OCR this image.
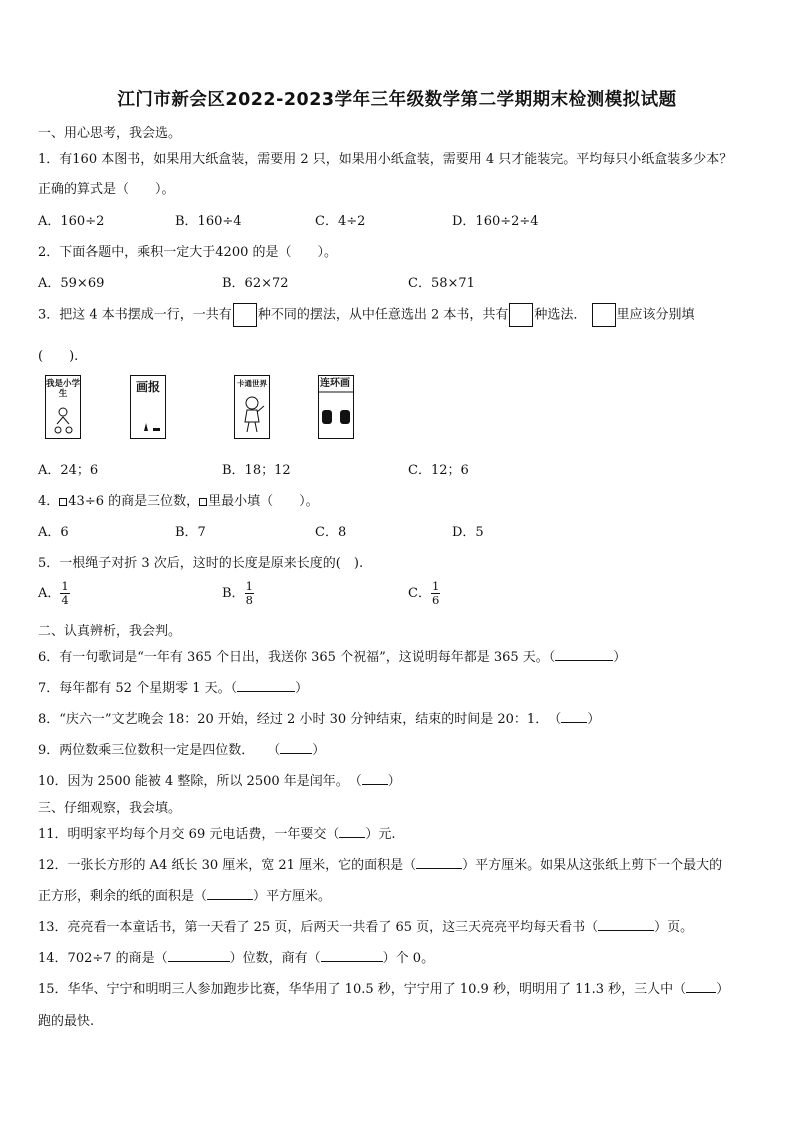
江门市新会区2022-2023学年三年级数学第二学期期末检测模拟试题
一、用心思考，我会选。
1．有160 本图书，如果用大纸盒装，需要用 2 只，如果用小纸盒装，需要用 4 只才能装完。平均每只小纸盒装多少本？
正确的算式是（　　）。
A．160÷2	B．160÷4	C．4÷2	D．160÷2÷4
2．下面各题中，乘积一定大于4200 的是（　　）。
A．59×69	B．62×72	C．58×71
3．把这 4 本书摆成一行，一共有 种不同的摆法，从中任意选出 2 本书，共有 种选法． 里应该分别填
(　　).
我是小学生	画报	卡通世界	连环画
A．24；6	B．18；12	C．12；6
4． 43÷6 的商是三位数， 里最小填（　　）。
A．6	B．7	C．8	D．5
5．一根绳子对折 3 次后，这时的长度是原来长度的(　).
A． $\frac{1}{4}$	B． $\frac{1}{8}$	C． $\frac{1}{6}$
二、认真辨析，我会判。
6．有一句歌词是“一年有 365 个日出，我送你 365 个祝福”，这说明每年都是 365 天。（	）
7．每年都有 52 个星期零 1 天。（	）
8．“庆六一”文艺晚会 18：20 开始，经过 2 小时 30 分钟结束，结束的时间是 20：1．　（ ）
9．两位数乘三位数积一定是四位数．　　（ ）
10．因为 2500 能被 4 整除，所以 2500 年是闰年。　（ ）
三、仔细观察，我会填。
11．明明家平均每个月交 69 元电话费，一年要交（ ）元.
12．一张长方形的 A4 纸长 30 厘米，宽 21 厘米，它的面积是（	）平方厘米。如果从这张纸上剪下一个最大的
正方形，剩余的纸的面积是（	）平方厘米。
13．亮亮看一本童话书，第一天看了 25 页，后两天一共看了 65 页，这三天亮亮平均每天看书（	）页。
14．702÷7 的商是（	）位数，商有（	）个 0。
15．华华、宁宁和明明三人参加跑步比赛，华华用了 10.5 秒，宁宁用了 10.9 秒，明明用了 11.3 秒，三人中（ ）
跑的最快.
